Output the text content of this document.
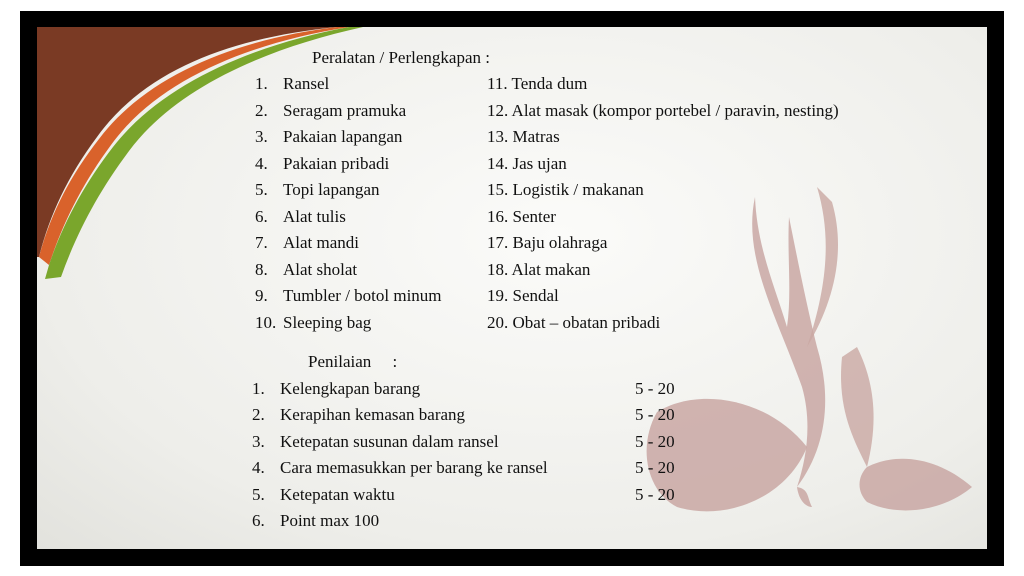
Peralatan / Perlengkapan :
1. Ransel
2. Seragam pramuka
3. Pakaian lapangan
4. Pakaian pribadi
5. Topi lapangan
6. Alat tulis
7. Alat mandi
8. Alat sholat
9. Tumbler / botol minum
10. Sleeping bag
11. Tenda dum
12. Alat masak (kompor portebel / paravin, nesting)
13. Matras
14. Jas ujan
15. Logistik / makanan
16. Senter
17. Baju olahraga
18. Alat makan
19. Sendal
20. Obat – obatan pribadi
Penilaian     :
1. Kelengkapan barang	5 - 20
2. Kerapihan kemasan barang	5 - 20
3. Ketepatan susunan dalam ransel	5 - 20
4. Cara memasukkan per barang ke ransel	5 - 20
5. Ketepatan waktu	5 - 20
6. Point max 100
